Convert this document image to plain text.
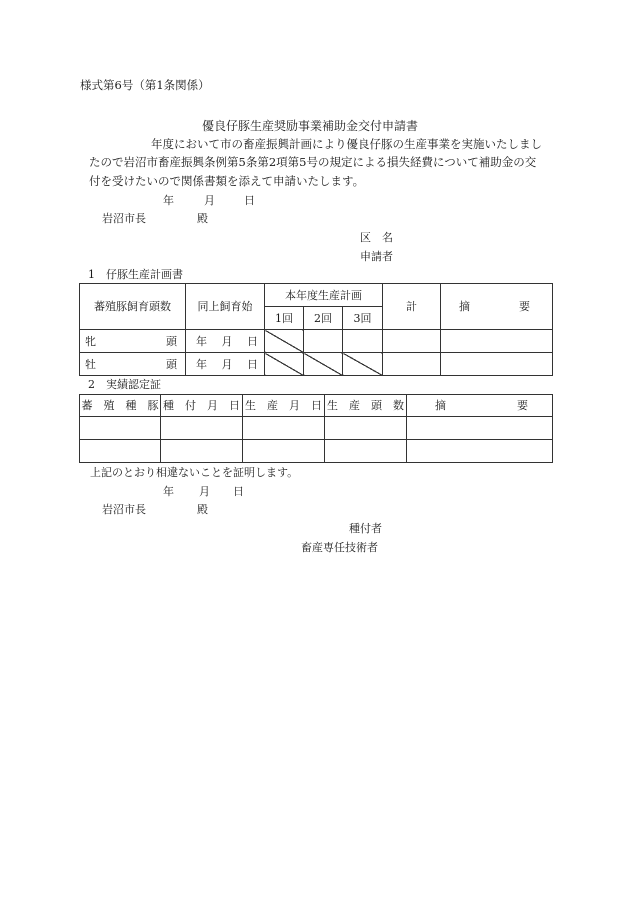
様式第6号（第1条関係）
優良仔豚生産奨励事業補助金交付申請書
年度において市の畜産振興計画により優良仔豚の生産事業を実施いたしまし
たので岩沼市畜産振興条例第5条第2項第5号の規定による損失経費について補助金の交
付を受けたいので関係書類を添えて申請いたします。
年	月	日
岩沼市長	殿
区　名
申請者
1　仔豚生産計画書
蕃殖豚飼育頭数	同上飼育始	本年度生産計画			計	摘 要

		1回	2回	3回		

牝 頭	年 月 日					

牡 頭	年 月 日					

2　実績認定証
蕃　殖　種　豚	種　付　月　日	生　産　月　日	生　産　頭　数	摘 要

上記のとおり相違ないことを証明します。
年 月 日
岩沼市長	殿
種付者
畜産専任技術者
